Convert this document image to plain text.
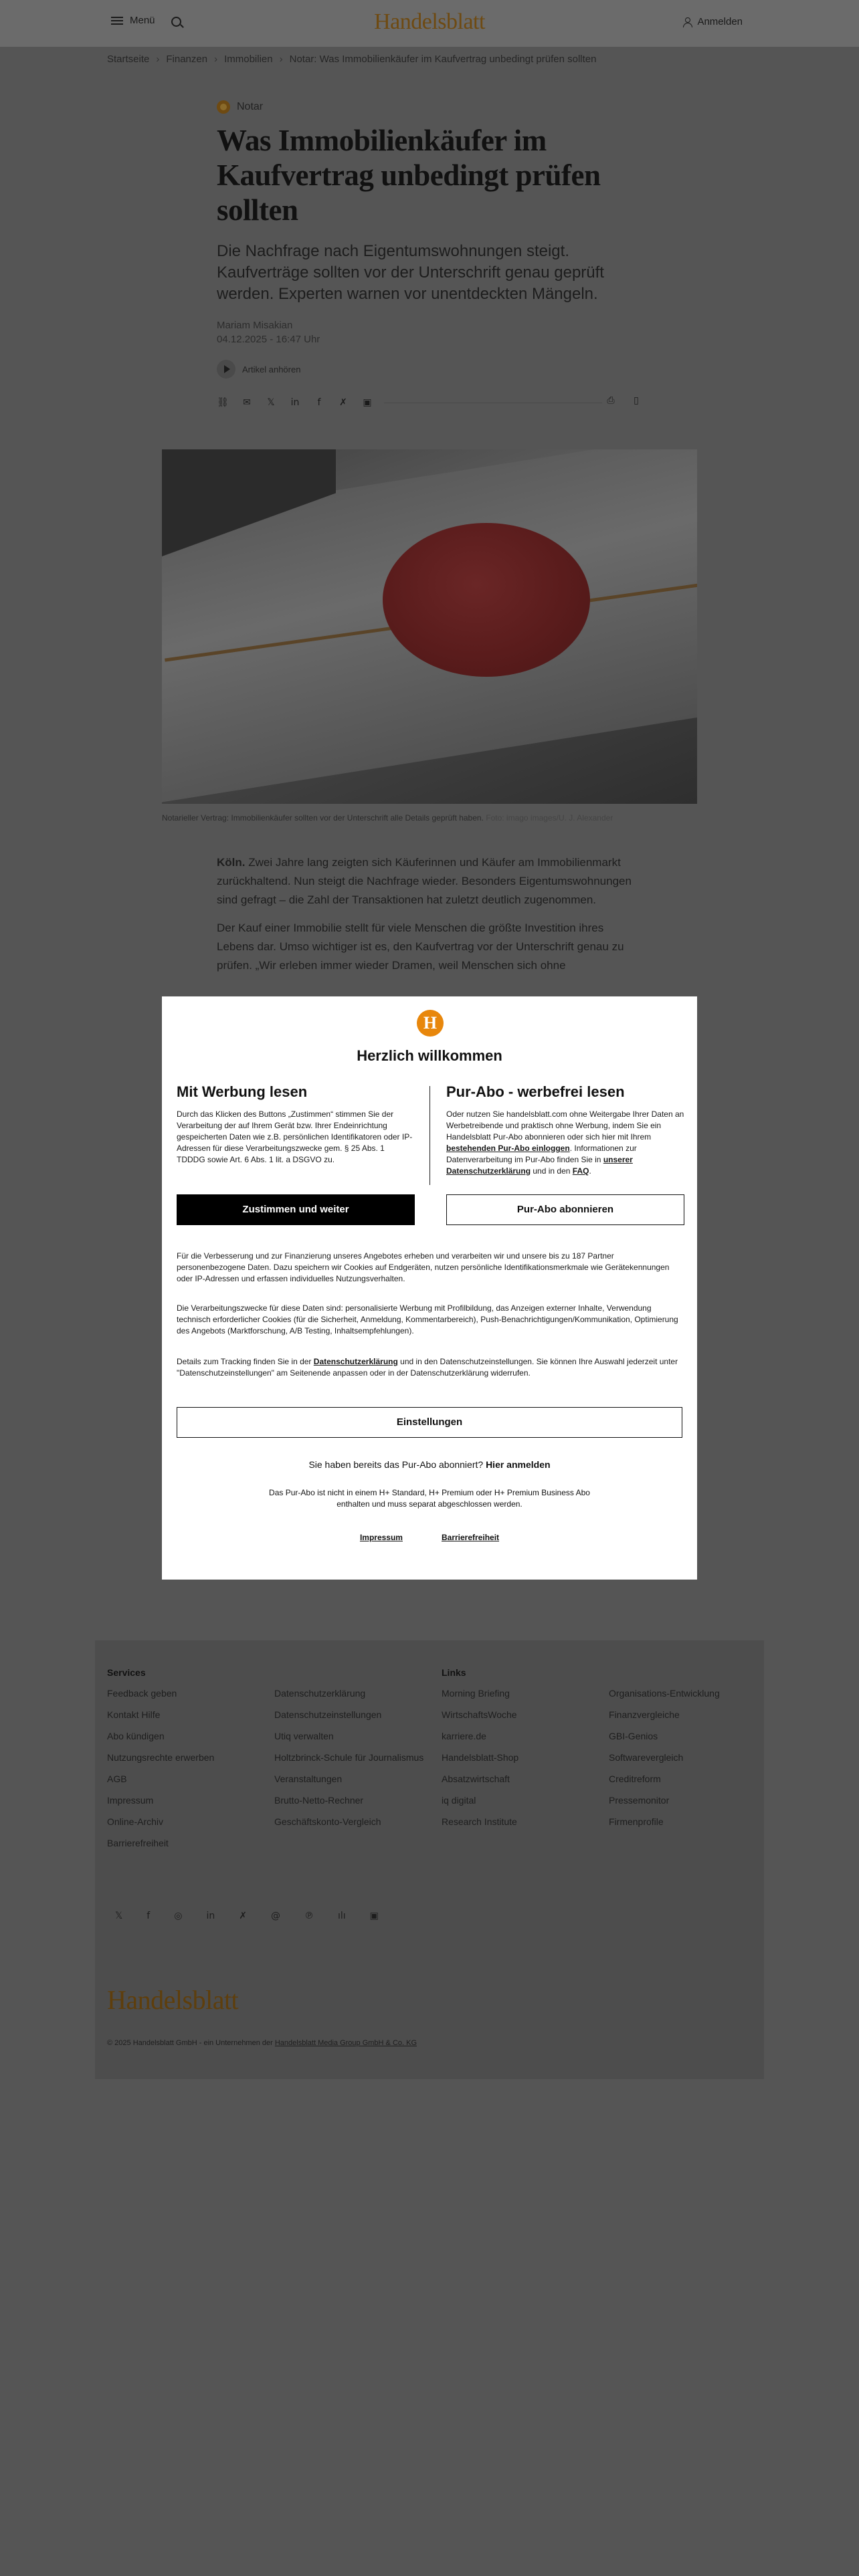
Menü	Handelsblatt	Anmelden
Startseite › Finanzen › Immobilien › Notar: Was Immobilienkäufer im Kaufvertrag unbedingt prüfen sollten
Notar
Was Immobilienkäufer im Kaufvertrag unbedingt prüfen sollten
Die Nachfrage nach Eigentumswohnungen steigt. Kaufverträge sollten vor der Unterschrift genau geprüft werden. Experten warnen vor unentdeckten Mängeln.
Mariam Misakian
04.12.2025 - 16:47 Uhr
Artikel anhören
⛓ ✉ 𝕏 in	f	✗ ▣	⎙	▯
Notarieller Vertrag: Immobilienkäufer sollten vor der Unterschrift alle Details geprüft haben. Foto: imago images/U. J. Alexander

Köln. Zwei Jahre lang zeigten sich Käuferinnen und Käufer am Immobilienmarkt zurückhaltend. Nun steigt die Nachfrage wieder. Besonders Eigentumswohnungen sind gefragt – die Zahl der Transaktionen hat zuletzt deutlich zugenommen.

Der Kauf einer Immobilie stellt für viele Menschen die größte Investition ihres Lebens dar. Umso wichtiger ist es, den Kaufvertrag vor der Unterschrift genau zu prüfen. „Wir erleben immer wieder Dramen, weil Menschen sich ohne

H
Herzlich willkommen
Mit Werbung lesen

Durch das Klicken des Buttons „Zustimmen“ stimmen Sie der Verarbeitung der auf Ihrem Gerät bzw. Ihrer Endeinrichtung gespeicherten Daten wie z.B. persönlichen Identifikatoren oder IP-Adressen für diese Verarbeitungszwecke gem. § 25 Abs. 1 TDDDG sowie Art. 6 Abs. 1 lit. a DSGVO zu.

Zustimmen und weiter
Pur-Abo - werbefrei lesen

Oder nutzen Sie handelsblatt.com ohne Weitergabe Ihrer Daten an Werbetreibende und praktisch ohne Werbung, indem Sie ein Handelsblatt Pur-Abo abonnieren oder sich hier mit Ihrem bestehenden Pur-Abo einloggen. Informationen zur Datenverarbeitung im Pur-Abo finden Sie in unserer Datenschutzerklärung und in den FAQ.

Pur-Abo abonnieren
Für die Verbesserung und zur Finanzierung unseres Angebotes erheben und verarbeiten wir und unsere bis zu 187 Partner personenbezogene Daten. Dazu speichern wir Cookies auf Endgeräten, nutzen persönliche Identifikationsmerkmale wie Gerätekennungen oder IP-Adressen und erfassen individuelles Nutzungsverhalten.
Die Verarbeitungszwecke für diese Daten sind: personalisierte Werbung mit Profilbildung, das Anzeigen externer Inhalte, Verwendung technisch erforderlicher Cookies (für die Sicherheit, Anmeldung, Kommentarbereich), Push-Benachrichtigungen/Kommunikation, Optimierung des Angebots (Marktforschung, A/B Testing, Inhaltsempfehlungen).
Details zum Tracking finden Sie in der Datenschutzerklärung und in den Datenschutzeinstellungen. Sie können Ihre Auswahl jederzeit unter "Datenschutzeinstellungen" am Seitenende anpassen oder in der Datenschutzerklärung widerrufen.
Einstellungen
Sie haben bereits das Pur-Abo abonniert? Hier anmelden
Das Pur-Abo ist nicht in einem H+ Standard, H+ Premium oder H+ Premium Business Abo enthalten und muss separat abgeschlossen werden.
Impressum	Barrierefreiheit
Services
Feedback geben
Kontakt Hilfe
Abo kündigen
Nutzungsrechte erwerben
AGB
Impressum
Online-Archiv
Barrierefreiheit
Datenschutzerklärung
Datenschutzeinstellungen
Utiq verwalten
Holtzbrinck-Schule für Journalismus
Veranstaltungen
Brutto-Netto-Rechner
Geschäftskonto-Vergleich
Links
Morning Briefing
WirtschaftsWoche
karriere.de
Handelsblatt-Shop
Absatzwirtschaft
iq digital
Research Institute
Organisations-Entwicklung
Finanzvergleiche
GBI-Genios
Softwarevergleich
Creditreform
Pressemonitor
Firmenprofile
𝕏	f	◎	in	✗	@	℗	ılı	▣
Handelsblatt
© 2025 Handelsblatt GmbH - ein Unternehmen der Handelsblatt Media Group GmbH & Co. KG
